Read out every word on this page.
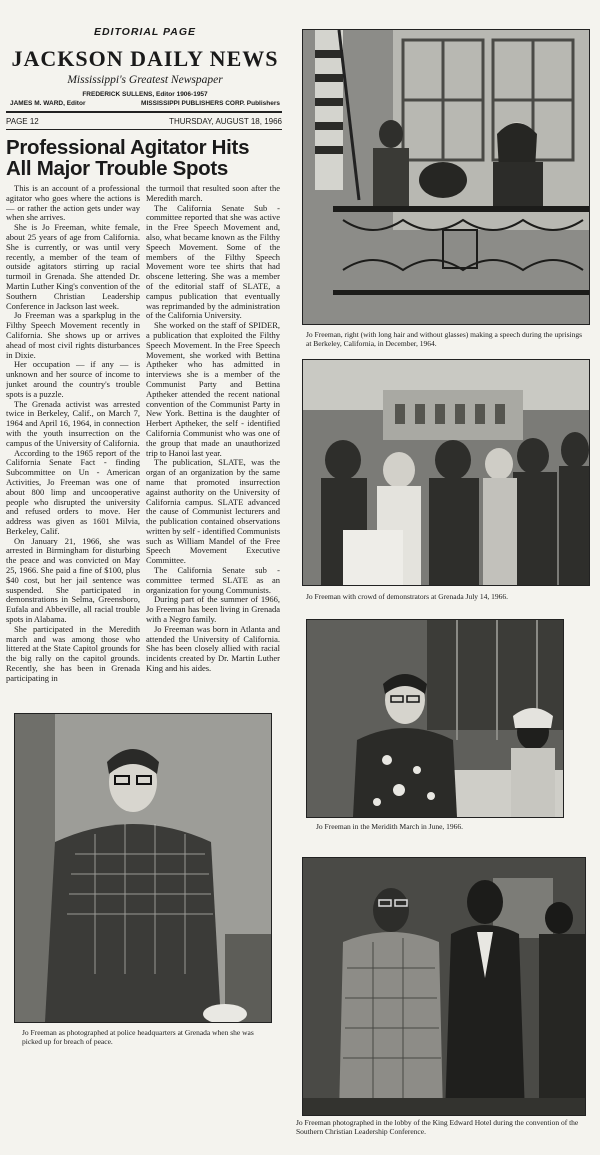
EDITORIAL PAGE
JACKSON DAILY NEWS
Mississippi's Greatest Newspaper
FREDERICK SULLENS, Editor 1906-1957
JAMES M. WARD, Editor	MISSISSIPPI PUBLISHERS CORP. Publishers
PAGE 12	THURSDAY, AUGUST 18, 1966
Professional Agitator Hits
All Major Trouble Spots

This is an account of a professional agitator who goes where the actions is — or rather the action gets under way when she arrives.

She is Jo Freeman, white female, about 25 years of age from California. She is currently, or was until very recently, a member of the team of outside agitators stirring up racial turmoil in Grenada. She attended Dr. Martin Luther King's convention of the Southern Christian Leadership Conference in Jackson last week.

Jo Freeman was a sparkplug in the Filthy Speech Movement recently in California. She shows up or arrives ahead of most civil rights disturbances in Dixie.

Her occupation — if any — is unknown and her source of income to junket around the country's trouble spots is a puzzle.

The Grenada activist was arrested twice in Berkeley, Calif., on March 7, 1964 and April 16, 1964, in connection with the youth insurrection on the campus of the University of California.

According to the 1965 report of the California Senate Fact - finding Subcommittee on Un - American Activities, Jo Freeman was one of about 800 limp and uncooperative people who disrupted the university and refused orders to move. Her address was given as 1601 Milvia, Berkeley, Calif.

On January 21, 1966, she was arrested in Birmingham for disturbing the peace and was convicted on May 25, 1966. She paid a fine of $100, plus $40 cost, but her jail sentence was suspended. She participated in demonstrations in Selma, Greensboro, Eufala and Abbeville, all racial trouble spots in Alabama.

She participated in the Meredith march and was among those who littered at the State Capitol grounds for the big rally on the capitol grounds. Recently, she has been in Grenada participating in

the turmoil that resulted soon after the Meredith march.

The California Senate Sub - committee reported that she was active in the Free Speech Movement and, also, what became known as the Filthy Speech Movement. Some of the members of the Filthy Speech Movement wore tee shirts that had obscene lettering. She was a member of the editorial staff of SLATE, a campus publication that eventually was reprimanded by the administration of the California University.

She worked on the staff of SPIDER, a publication that exploited the Filthy Speech Movement. In the Free Speech Movement, she worked with Bettina Aptheker who has admitted in interviews she is a member of the Communist Party and Bettina Aptheker attended the recent national convention of the Communist Party in New York. Bettina is the daughter of Herbert Aptheker, the self - identified California Communist who was one of the group that made an unauthorized trip to Hanoi last year.

The publication, SLATE, was the organ of an organization by the same name that promoted insurrection against authority on the University of California campus. SLATE advanced the cause of Communist lecturers and the publication contained observations written by self - identified Communists such as William Mandel of the Free Speech Movement Executive Committee.

The California Senate sub - committee termed SLATE as an organization for young Communists.

During part of the summer of 1966, Jo Freeman has been living in Grenada with a Negro family.

Jo Freeman was born in Atlanta and attended the University of California. She has been closely allied with racial incidents created by Dr. Martin Luther King and his aides.

Jo Freeman as photographed at police headquarters at Grenada when she was picked up for breach of peace.
Jo Freeman, right (with long hair and without glasses) making a speech during the uprisings at Berkeley, California, in December, 1964.
Jo Freeman with crowd of demonstrators at Grenada July 14, 1966.
Jo Freeman in the Meridith March in June, 1966.
Jo Freeman photographed in the lobby of the King Edward Hotel during the convention of the Southern Christian Leadership Conference.
